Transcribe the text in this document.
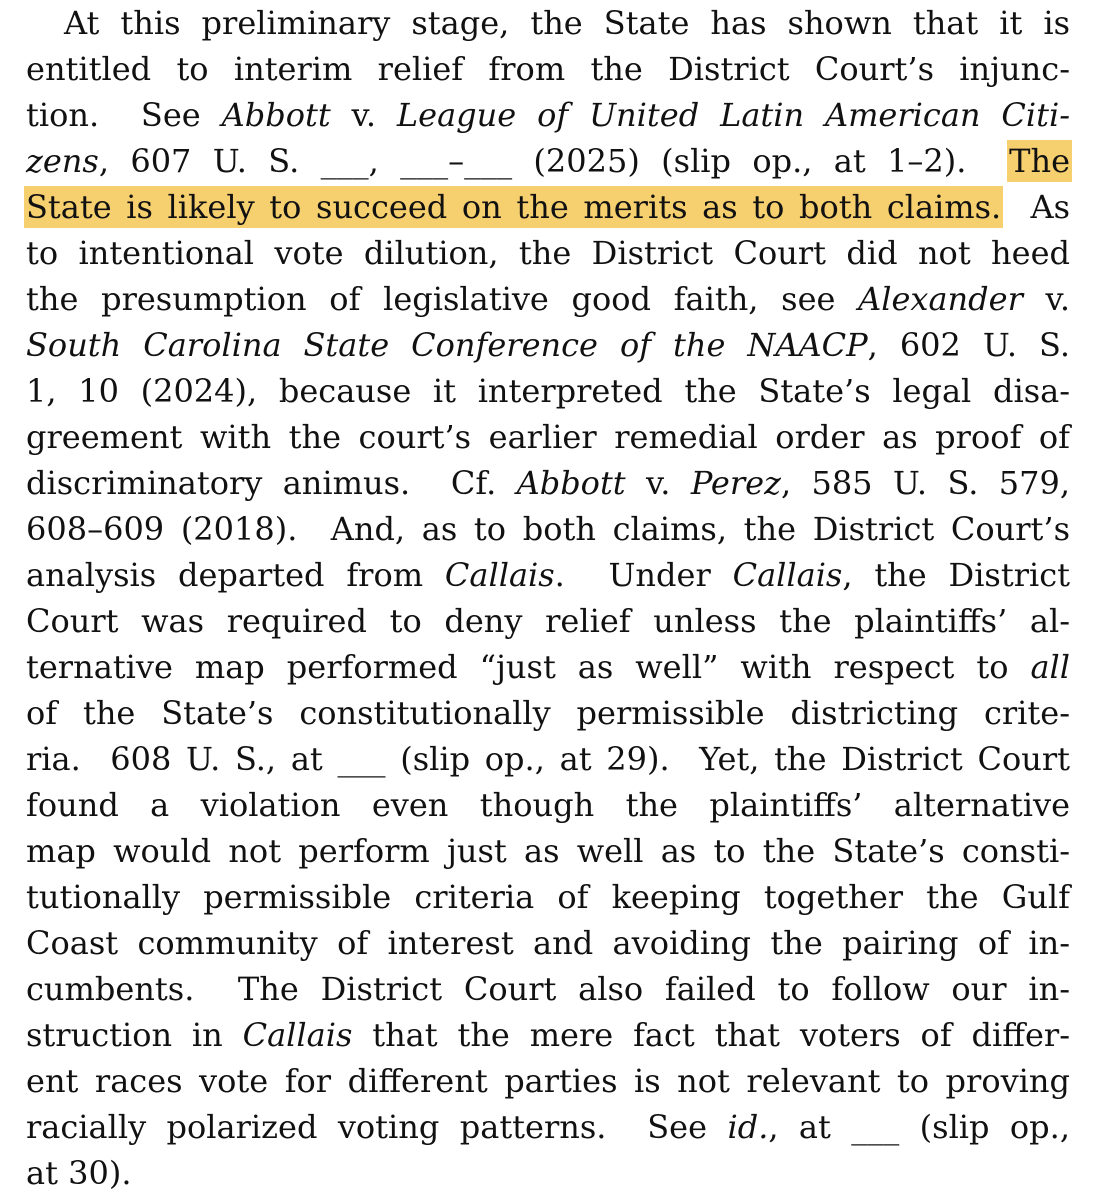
At this preliminary stage, the State has shown that it is
entitled to interim relief from the District Court’s injunc-
tion.  See Abbott v. League of United Latin American Citi-
zens, 607 U. S. ___, ___–___ (2025) (slip op., at 1–2).  The
State is likely to succeed on the merits as to both claims.  As
to intentional vote dilution, the District Court did not heed
the presumption of legislative good faith, see Alexander v.
South Carolina State Conference of the NAACP, 602 U. S.
1, 10 (2024), because it interpreted the State’s legal disa-
greement with the court’s earlier remedial order as proof of
discriminatory animus.  Cf. Abbott v. Perez, 585 U. S. 579,
608–609 (2018).  And, as to both claims, the District Court’s
analysis departed from Callais.  Under Callais, the District
Court was required to deny relief unless the plaintiffs’ al-
ternative map performed “just as well” with respect to all
of the State’s constitutionally permissible districting crite-
ria.  608 U. S., at ___ (slip op., at 29).  Yet, the District Court
found a violation even though the plaintiffs’ alternative
map would not perform just as well as to the State’s consti-
tutionally permissible criteria of keeping together the Gulf
Coast community of interest and avoiding the pairing of in-
cumbents.  The District Court also failed to follow our in-
struction in Callais that the mere fact that voters of differ-
ent races vote for different parties is not relevant to proving
racially polarized voting patterns.  See id., at ___ (slip op.,
at 30).
